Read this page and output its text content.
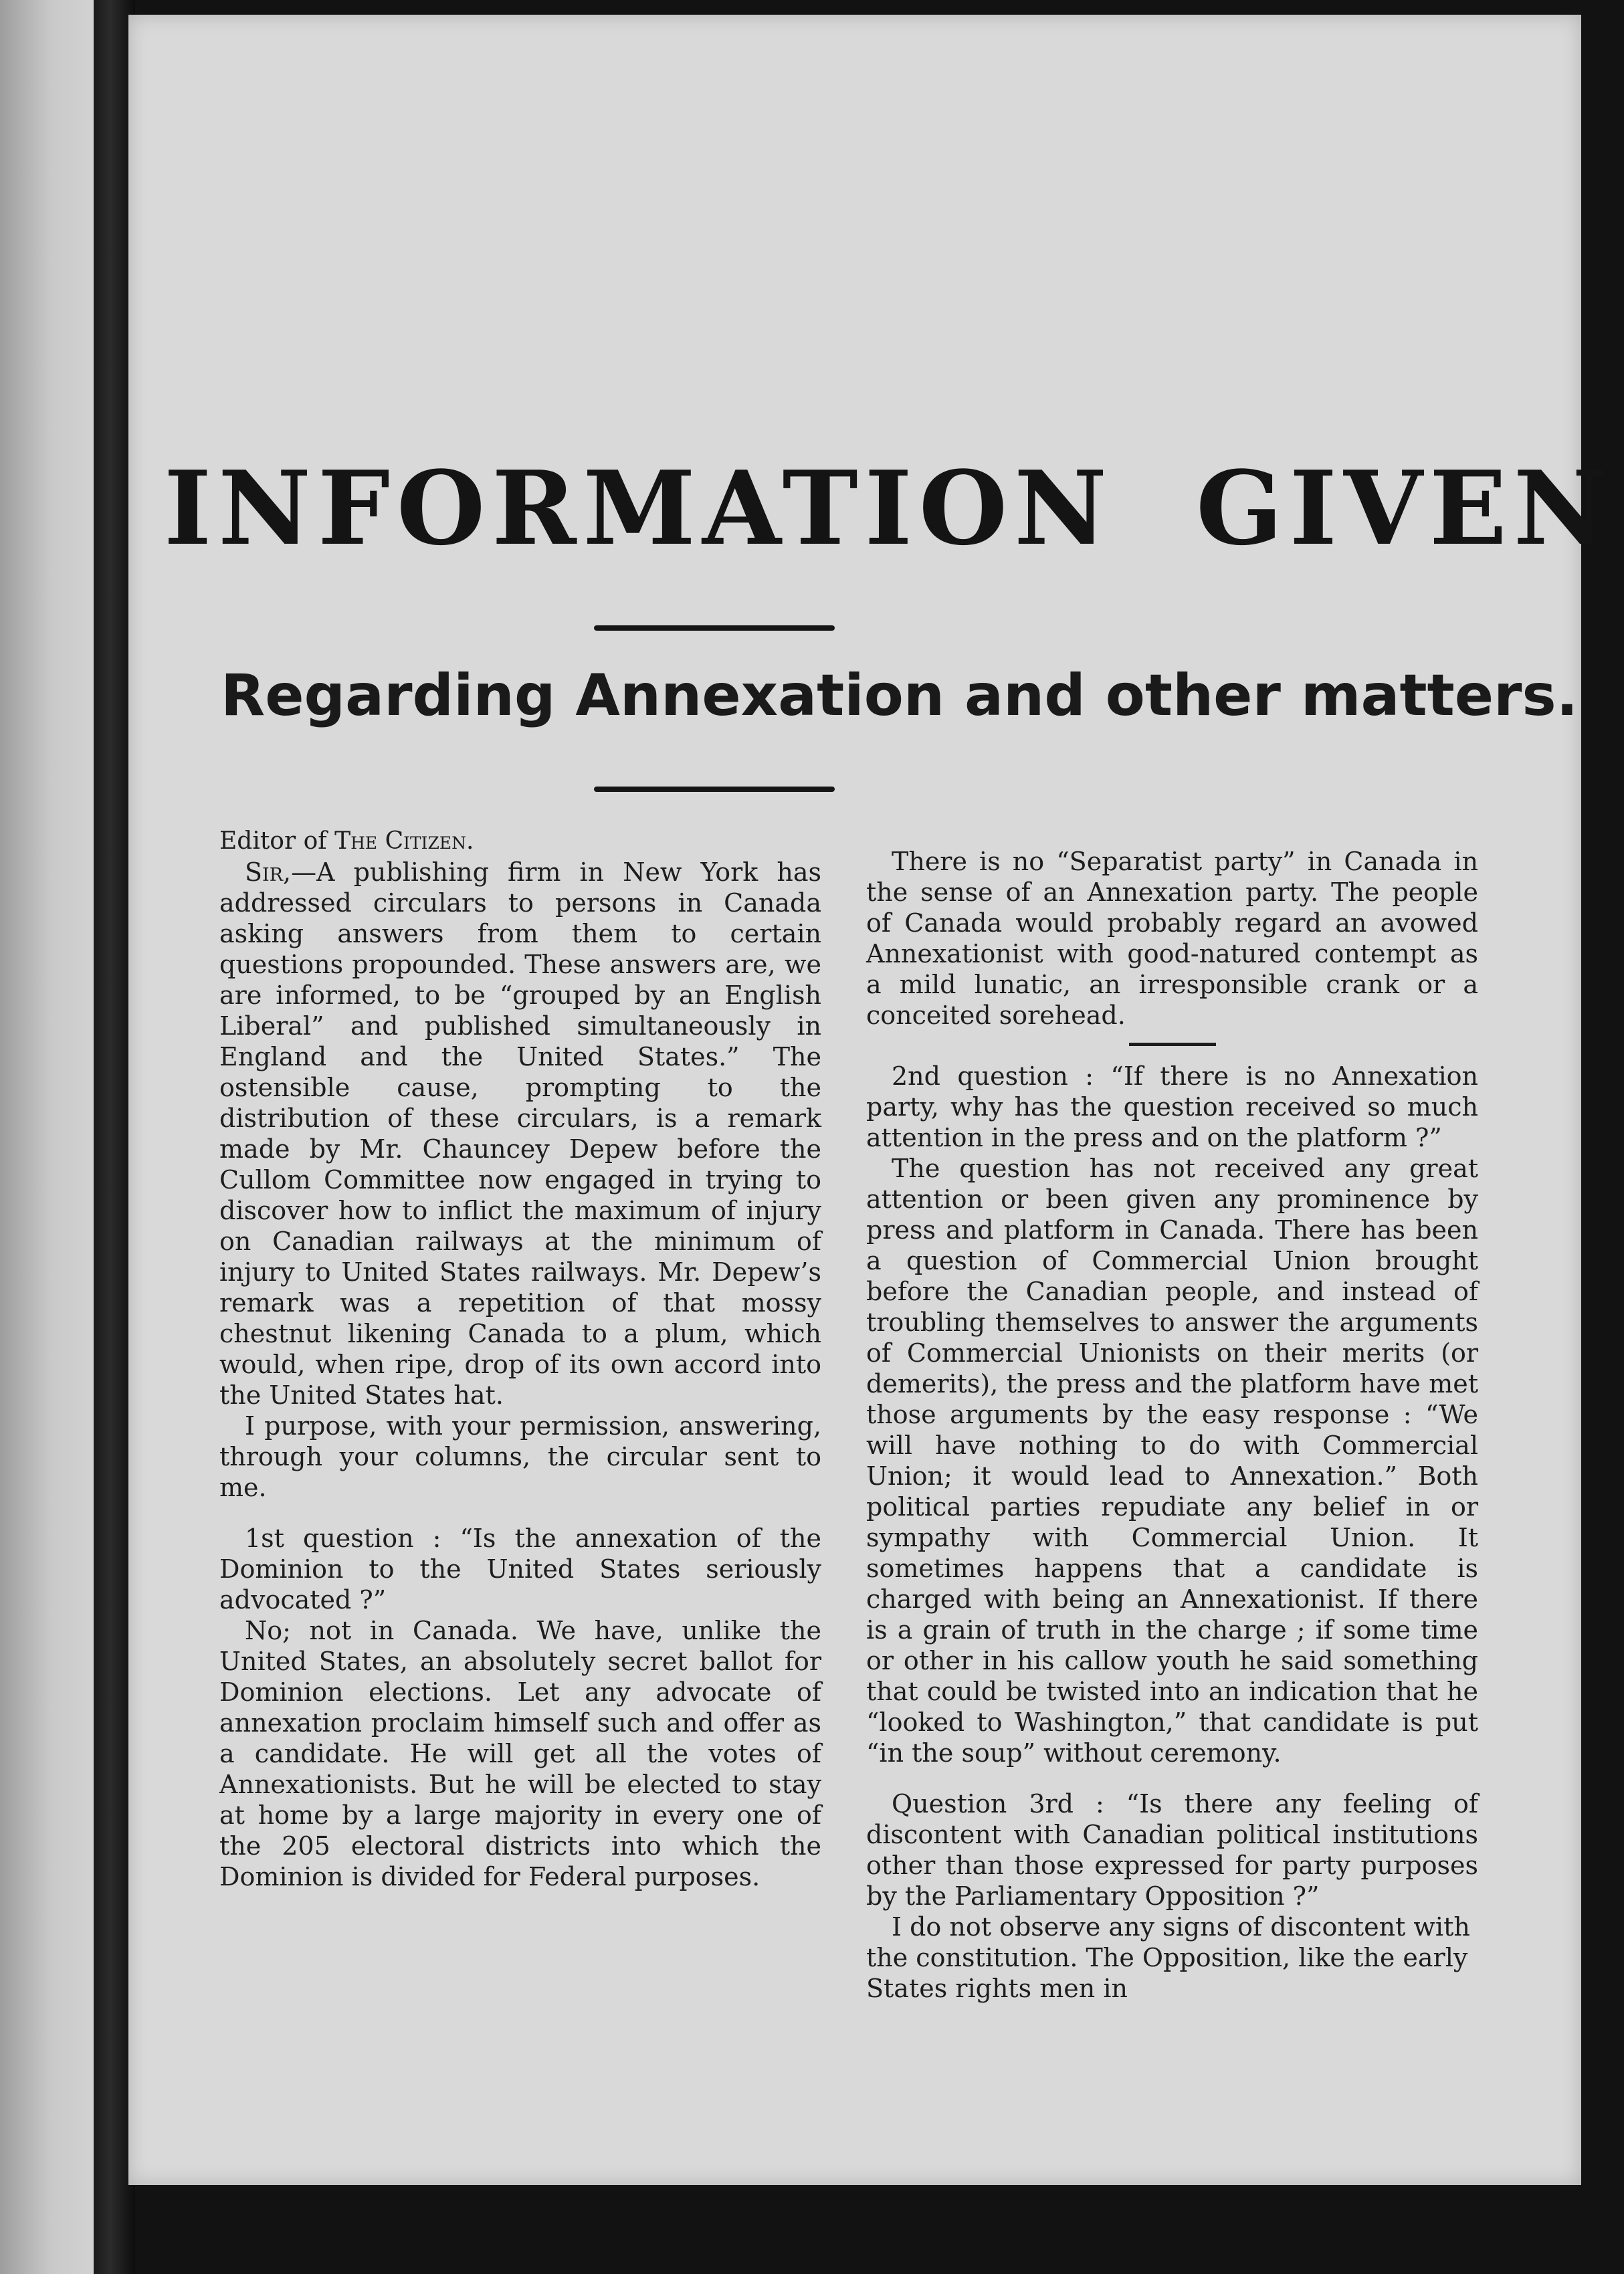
INFORMATION GIVEN
Regarding Annexation and other matters.

Editor of The Citizen.

Sir,—A publishing firm in New York has addressed circulars to persons in Canada asking answers from them to certain questions propounded. These answers are, we are informed, to be “grouped by an English Liberal” and published simultaneously in England and the United States.” The ostensible cause, prompting to the distribution of these circulars, is a remark made by Mr. Chauncey Depew before the Cullom Committee now engaged in trying to discover how to inflict the maximum of injury on Canadian railways at the minimum of injury to United States railways. Mr. Depew’s remark was a repetition of that mossy chestnut likening Canada to a plum, which would, when ripe, drop of its own accord into the United States hat.

I purpose, with your permission, answering, through your columns, the circular sent to me.

1st question : “Is the annexation of the Dominion to the United States seriously advocated ?”

No; not in Canada. We have, unlike the United States, an absolutely secret ballot for Dominion elections. Let any advocate of annexation proclaim himself such and offer as a candidate. He will get all the votes of Annexationists. But he will be elected to stay at home by a large majority in every one of the 205 electoral districts into which the Dominion is divided for Federal purposes.

There is no “Separatist party” in Canada in the sense of an Annexation party. The people of Canada would probably regard an avowed Annexationist with good-natured contempt as a mild lunatic, an irresponsible crank or a conceited sorehead.

2nd question : “If there is no Annexation party, why has the question received so much attention in the press and on the platform ?”

The question has not received any great attention or been given any prominence by press and platform in Canada. There has been a question of Commercial Union brought before the Canadian people, and instead of troubling themselves to answer the arguments of Commercial Unionists on their merits (or demerits), the press and the platform have met those arguments by the easy response : “We will have nothing to do with Commercial Union; it would lead to Annexation.” Both political parties repudiate any belief in or sympathy with Commercial Union. It sometimes happens that a candidate is charged with being an Annexationist. If there is a grain of truth in the charge ; if some time or other in his callow youth he said something that could be twisted into an indication that he “looked to Washington,” that candidate is put “in the soup” without ceremony.

Question 3rd : “Is there any feeling of discontent with Canadian political institutions other than those expressed for party purposes by the Parliamentary Opposition ?”

I do not observe any signs of discontent with the constitution. The Opposition, like the early States rights men in
